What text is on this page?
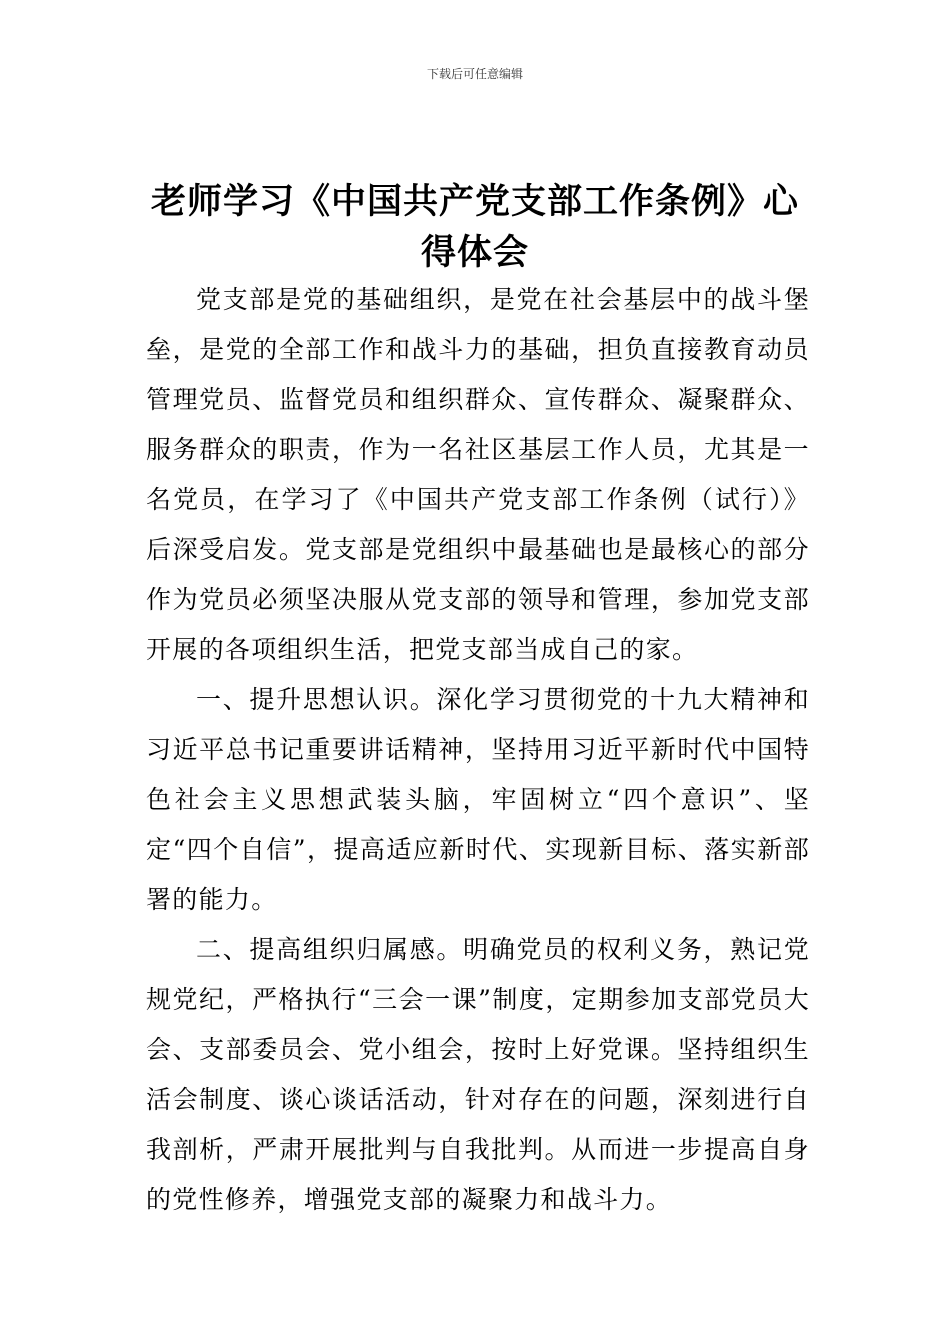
下载后可任意编辑
老师学习《中国共产党支部工作条例》心得体会

党支部是党的基础组织，是党在社会基层中的战斗堡垒，是党的全部工作和战斗力的基础，担负直接教育动员管理党员、监督党员和组织群众、宣传群众、凝聚群众、服务群众的职责，作为一名社区基层工作人员，尤其是一名党员，在学习了《中国共产党支部工作条例（试行）》后深受启发。党支部是党组织中最基础也是最核心的部分作为党员必须坚决服从党支部的领导和管理，参加党支部开展的各项组织生活，把党支部当成自己的家。

一、提升思想认识。深化学习贯彻党的十九大精神和习近平总书记重要讲话精神，坚持用习近平新时代中国特色社会主义思想武装头脑，牢固树立“四个意识”、坚定“四个自信”，提高适应新时代、实现新目标、落实新部署的能力。

二、提高组织归属感。明确党员的权利义务，熟记党规党纪，严格执行“三会一课”制度，定期参加支部党员大会、支部委员会、党小组会，按时上好党课。坚持组织生活会制度、谈心谈话活动，针对存在的问题，深刻进行自我剖析，严肃开展批判与自我批判。从而进一步提高自身的党性修养，增强党支部的凝聚力和战斗力。
